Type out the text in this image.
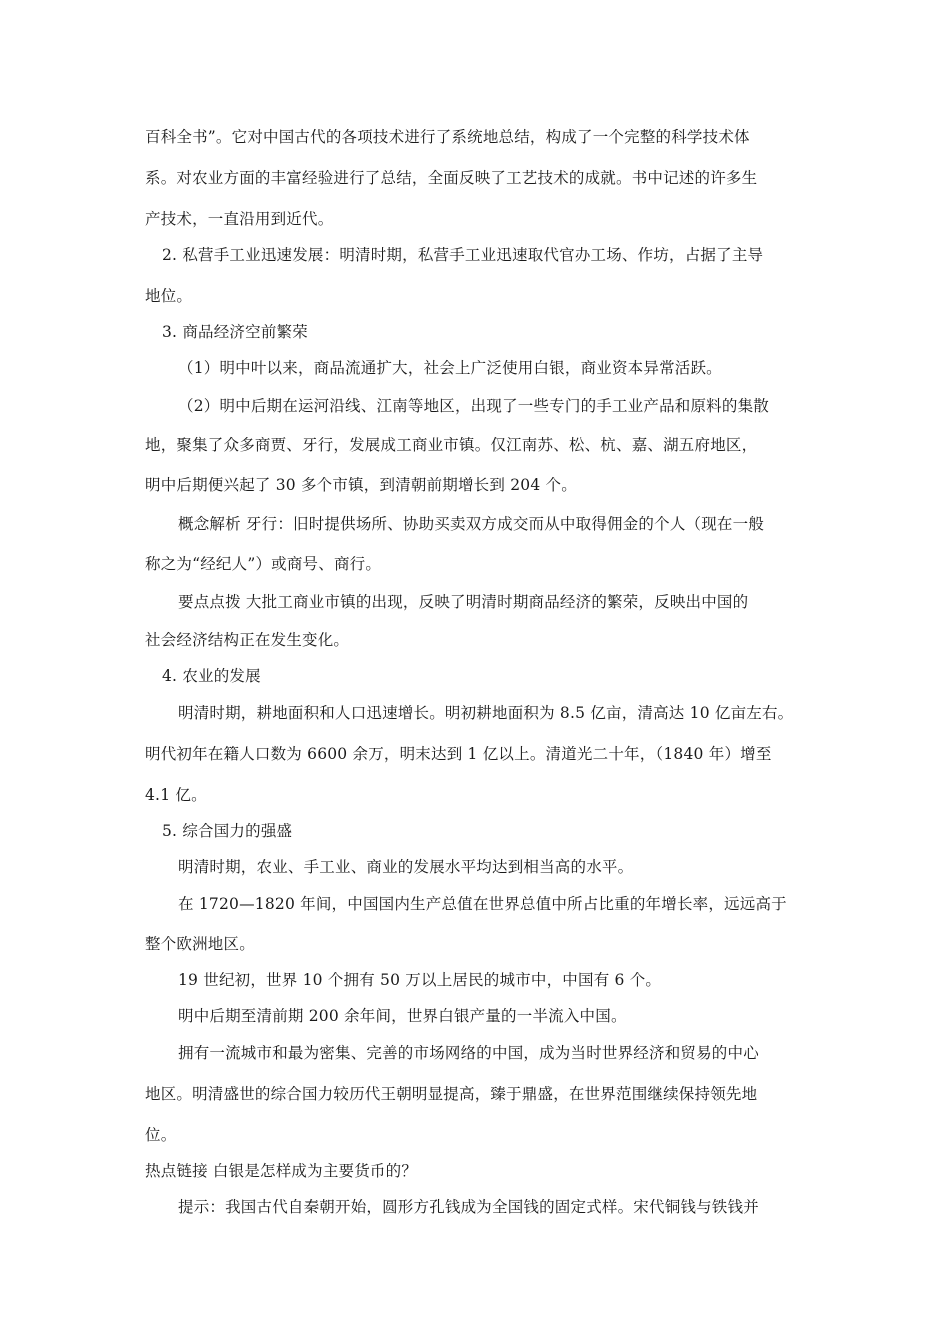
百科全书”。它对中国古代的各项技术进行了系统地总结，构成了一个完整的科学技术体
系。对农业方面的丰富经验进行了总结，全面反映了工艺技术的成就。书中记述的许多生
产技术，一直沿用到近代。
2. 私营手工业迅速发展：明清时期，私营手工业迅速取代官办工场、作坊，占据了主导
地位。
3. 商品经济空前繁荣
（1）明中叶以来，商品流通扩大，社会上广泛使用白银，商业资本异常活跃。
（2）明中后期在运河沿线、江南等地区，出现了一些专门的手工业产品和原料的集散
地，聚集了众多商贾、牙行，发展成工商业市镇。仅江南苏、松、杭、嘉、湖五府地区，
明中后期便兴起了 30 多个市镇，到清朝前期增长到 204 个。
概念解析 牙行：旧时提供场所、协助买卖双方成交而从中取得佣金的个人（现在一般
称之为“经纪人”）或商号、商行。
要点点拨 大批工商业市镇的出现，反映了明清时期商品经济的繁荣，反映出中国的
社会经济结构正在发生变化。
4. 农业的发展
明清时期，耕地面积和人口迅速增长。明初耕地面积为 8.5 亿亩，清高达 10 亿亩左右。
明代初年在籍人口数为 6600 余万，明末达到 1 亿以上。清道光二十年，（1840 年）增至
4.1 亿。
5. 综合国力的强盛
明清时期，农业、手工业、商业的发展水平均达到相当高的水平。
在 1720—1820 年间，中国国内生产总值在世界总值中所占比重的年增长率，远远高于
整个欧洲地区。
19 世纪初，世界 10 个拥有 50 万以上居民的城市中，中国有 6 个。
明中后期至清前期 200 余年间，世界白银产量的一半流入中国。
拥有一流城市和最为密集、完善的市场网络的中国，成为当时世界经济和贸易的中心
地区。明清盛世的综合国力较历代王朝明显提高，臻于鼎盛，在世界范围继续保持领先地
位。
热点链接 白银是怎样成为主要货币的？
提示：我国古代自秦朝开始，圆形方孔钱成为全国钱的固定式样。宋代铜钱与铁钱并
